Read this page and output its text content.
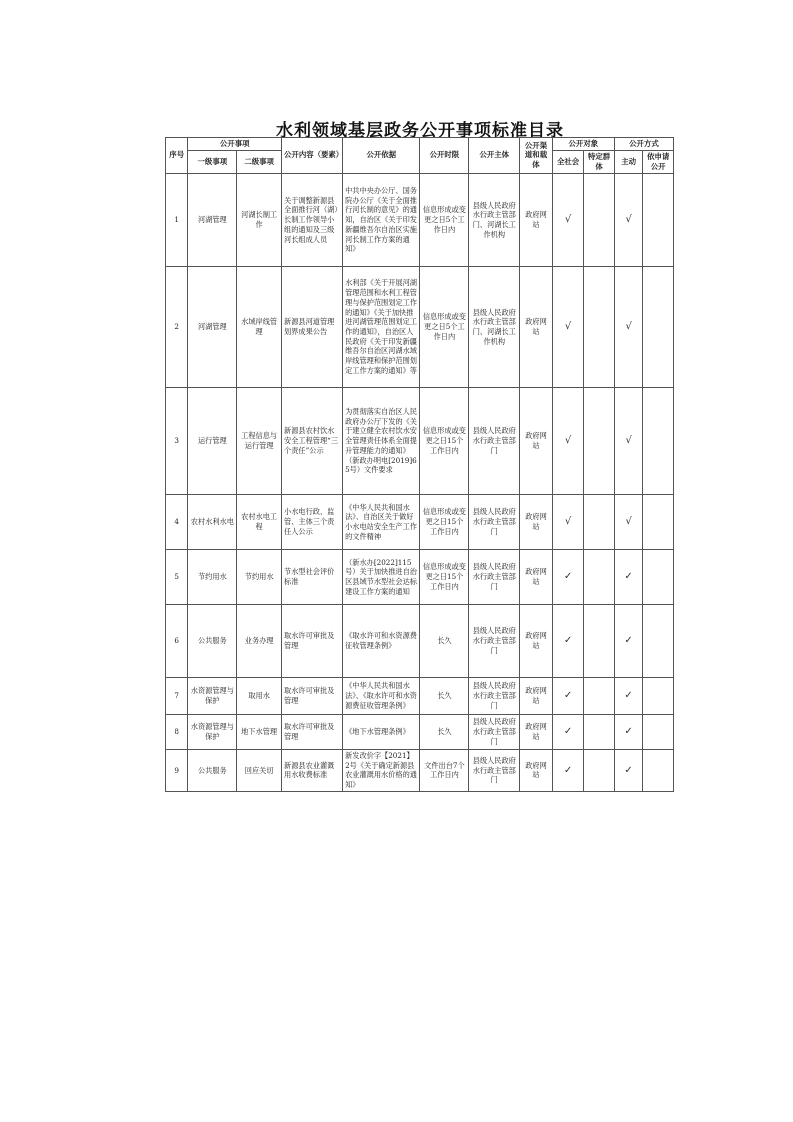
水利领域基层政务公开事项标准目录
序号	公开事项		公开内容（要素）	公开依据	公开时限	公开主体	公开渠道和载体	公开对象		公开方式	
	一级事项	二级事项						全社会	特定群体	主动	依申请公开
1	河湖管理	河湖长制工作	关于调整新源县全面推行河（湖）长制工作领导小组的通知及三级河长组成人员	中共中央办公厅、国务院办公厅《关于全面推行河长制的意见》的通知，自治区《关于印发新疆维吾尔自治区实施河长制工作方案的通知》	信息形成或变更之日5个工作日内	县级人民政府水行政主管部门、河湖长工作机构	政府网站	√		√	
2	河湖管理	水域岸线管理	新源县河道管理划界成果公告	水利部《关于开展河湖管理范围和水利工程管理与保护范围划定工作的通知》《关于加快推进河湖管理范围划定工作的通知》，自治区人民政府《关于印发新疆维吾尔自治区河湖水域岸线管理和保护范围划定工作方案的通知》等	信息形成或变更之日5个工作日内	县级人民政府水行政主管部门、河湖长工作机构	政府网站	√		√	
3	运行管理	工程信息与运行管理	新源县农村饮水安全工程管理“三个责任”公示	为贯彻落实自治区人民政府办公厅下发的《关于建立健全农村饮水安全管理责任体系全面提升管理能力的通知》（新政办明电[2019]65号）文件要求	信息形成或变更之日15个工作日内	县级人民政府水行政主管部门	政府网站	√		√	
4	农村水利水电	农村水电工程	小水电行政、监管、主体三个责任人公示	《中华人民共和国水法》、自治区关于做好小水电站安全生产工作的文件精神	信息形成或变更之日15个工作日内	县级人民政府水行政主管部门	政府网站	√		√	
5	节约用水	节约用水	节水型社会评价标准	（新水办[2022]115号）关于加快推进自治区县域节水型社会达标建设工作方案的通知	信息形成或变更之日15个工作日内	县级人民政府水行政主管部门	政府网站	✓		✓	
6	公共服务	业务办理	取水许可审批及管理	《取水许可和水资源费征收管理条例》	长久	县级人民政府水行政主管部门	政府网站	✓		✓	
7	水资源管理与保护	取用水	取水许可审批及管理	《中华人民共和国水法》、《取水许可和水资源费征收管理条例》	长久	县级人民政府水行政主管部门	政府网站	✓		✓	
8	水资源管理与保护	地下水管理	取水许可审批及管理	《地下水管理条例》	长久	县级人民政府水行政主管部门	政府网站	✓		✓	
9	公共服务	回应关切	新源县农业灌溉用水收费标准	新发改价字【2021】2号《关于确定新源县农业灌溉用水价格的通知》	文件出台7个工作日内	县级人民政府水行政主管部门	政府网站	✓		✓	
